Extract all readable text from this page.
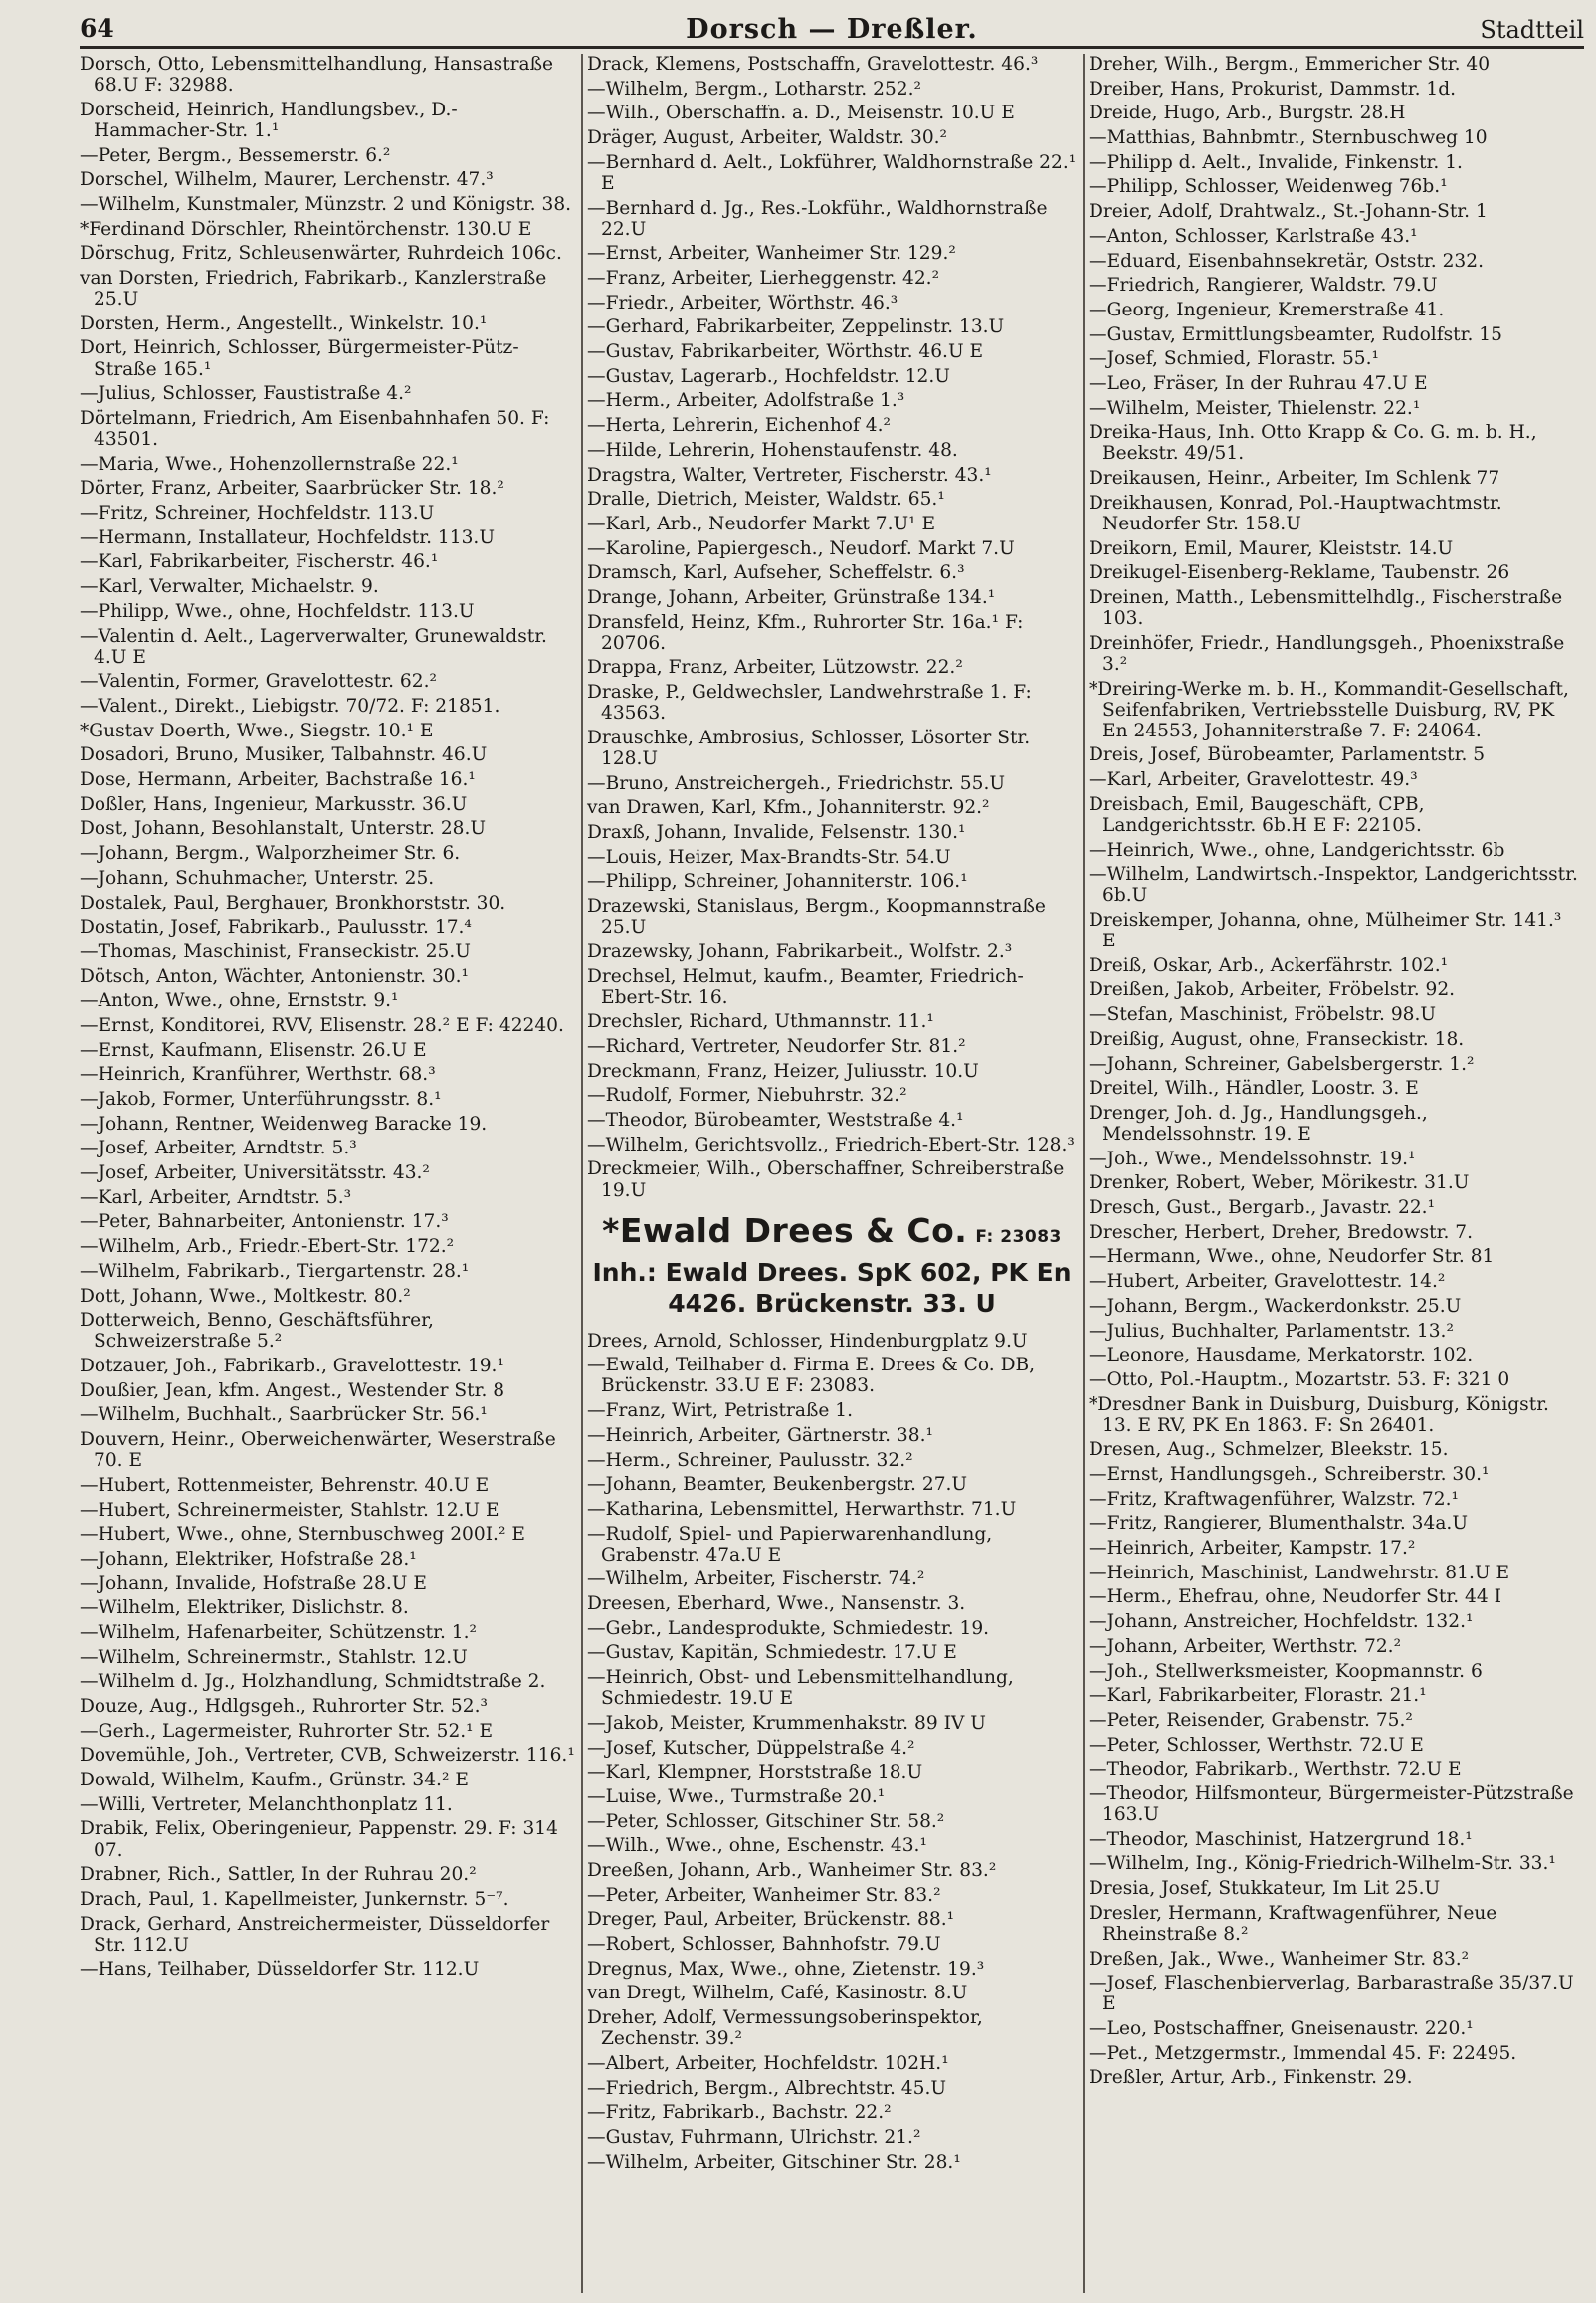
64	Dorsch — Dreßler.	Stadtteil
Dorsch, Otto, Lebensmittelhandlung, Hansastraße 68.U F: 32988.
Dorscheid, Heinrich, Handlungsbev., D.-Hammacher-Str. 1.¹
—Peter, Bergm., Bessemerstr. 6.²
Dorschel, Wilhelm, Maurer, Lerchenstr. 47.³
—Wilhelm, Kunstmaler, Münzstr. 2 und Königstr. 38.
*Ferdinand Dörschler, Rheintörchenstr. 130.U E
Dörschug, Fritz, Schleusenwärter, Ruhrdeich 106c.
van Dorsten, Friedrich, Fabrikarb., Kanzlerstraße 25.U
Dorsten, Herm., Angestellt., Winkelstr. 10.¹
Dort, Heinrich, Schlosser, Bürgermeister-Pütz-Straße 165.¹
—Julius, Schlosser, Faustistraße 4.²
Dörtelmann, Friedrich, Am Eisenbahnhafen 50. F: 43501.
—Maria, Wwe., Hohenzollernstraße 22.¹
Dörter, Franz, Arbeiter, Saarbrücker Str. 18.²
—Fritz, Schreiner, Hochfeldstr. 113.U
—Hermann, Installateur, Hochfeldstr. 113.U
—Karl, Fabrikarbeiter, Fischerstr. 46.¹
—Karl, Verwalter, Michaelstr. 9.
—Philipp, Wwe., ohne, Hochfeldstr. 113.U
—Valentin d. Aelt., Lagerverwalter, Grunewaldstr. 4.U E
—Valentin, Former, Gravelottestr. 62.²
—Valent., Direkt., Liebigstr. 70/72. F: 21851.
*Gustav Doerth, Wwe., Siegstr. 10.¹ E
Dosadori, Bruno, Musiker, Talbahnstr. 46.U
Dose, Hermann, Arbeiter, Bachstraße 16.¹
Doßler, Hans, Ingenieur, Markusstr. 36.U
Dost, Johann, Besohlanstalt, Unterstr. 28.U
—Johann, Bergm., Walporzheimer Str. 6.
—Johann, Schuhmacher, Unterstr. 25.
Dostalek, Paul, Berghauer, Bronkhorststr. 30.
Dostatin, Josef, Fabrikarb., Paulusstr. 17.⁴
—Thomas, Maschinist, Franseckistr. 25.U
Dötsch, Anton, Wächter, Antonienstr. 30.¹
—Anton, Wwe., ohne, Ernststr. 9.¹
—Ernst, Konditorei, RVV, Elisenstr. 28.² E F: 42240.
—Ernst, Kaufmann, Elisenstr. 26.U E
—Heinrich, Kranführer, Werthstr. 68.³
—Jakob, Former, Unterführungsstr. 8.¹
—Johann, Rentner, Weidenweg Baracke 19.
—Josef, Arbeiter, Arndtstr. 5.³
—Josef, Arbeiter, Universitätsstr. 43.²
—Karl, Arbeiter, Arndtstr. 5.³
—Peter, Bahnarbeiter, Antonienstr. 17.³
—Wilhelm, Arb., Friedr.-Ebert-Str. 172.²
—Wilhelm, Fabrikarb., Tiergartenstr. 28.¹
Dott, Johann, Wwe., Moltkestr. 80.²
Dotterweich, Benno, Geschäftsführer, Schweizerstraße 5.²
Dotzauer, Joh., Fabrikarb., Gravelottestr. 19.¹
Doußier, Jean, kfm. Angest., Westender Str. 8
—Wilhelm, Buchhalt., Saarbrücker Str. 56.¹
Douvern, Heinr., Oberweichenwärter, Weserstraße 70. E
—Hubert, Rottenmeister, Behrenstr. 40.U E
—Hubert, Schreinermeister, Stahlstr. 12.U E
—Hubert, Wwe., ohne, Sternbuschweg 200I.² E
—Johann, Elektriker, Hofstraße 28.¹
—Johann, Invalide, Hofstraße 28.U E
—Wilhelm, Elektriker, Dislichstr. 8.
—Wilhelm, Hafenarbeiter, Schützenstr. 1.²
—Wilhelm, Schreinermstr., Stahlstr. 12.U
—Wilhelm d. Jg., Holzhandlung, Schmidtstraße 2.
Douze, Aug., Hdlgsgeh., Ruhrorter Str. 52.³
—Gerh., Lagermeister, Ruhrorter Str. 52.¹ E
Dovemühle, Joh., Vertreter, CVB, Schweizerstr. 116.¹
Dowald, Wilhelm, Kaufm., Grünstr. 34.² E
—Willi, Vertreter, Melanchthonplatz 11.
Drabik, Felix, Oberingenieur, Pappenstr. 29. F: 314 07.
Drabner, Rich., Sattler, In der Ruhrau 20.²
Drach, Paul, 1. Kapellmeister, Junkernstr. 5⁻⁷.
Drack, Gerhard, Anstreichermeister, Düsseldorfer Str. 112.U
—Hans, Teilhaber, Düsseldorfer Str. 112.U
Drack, Klemens, Postschaffn, Gravelottestr. 46.³
—Wilhelm, Bergm., Lotharstr. 252.²
—Wilh., Oberschaffn. a. D., Meisenstr. 10.U E
Dräger, August, Arbeiter, Waldstr. 30.²
—Bernhard d. Aelt., Lokführer, Waldhornstraße 22.¹ E
—Bernhard d. Jg., Res.-Lokführ., Waldhornstraße 22.U
—Ernst, Arbeiter, Wanheimer Str. 129.²
—Franz, Arbeiter, Lierheggenstr. 42.²
—Friedr., Arbeiter, Wörthstr. 46.³
—Gerhard, Fabrikarbeiter, Zeppelinstr. 13.U
—Gustav, Fabrikarbeiter, Wörthstr. 46.U E
—Gustav, Lagerarb., Hochfeldstr. 12.U
—Herm., Arbeiter, Adolfstraße 1.³
—Herta, Lehrerin, Eichenhof 4.²
—Hilde, Lehrerin, Hohenstaufenstr. 48.
Dragstra, Walter, Vertreter, Fischerstr. 43.¹
Dralle, Dietrich, Meister, Waldstr. 65.¹
—Karl, Arb., Neudorfer Markt 7.U¹ E
—Karoline, Papiergesch., Neudorf. Markt 7.U
Dramsch, Karl, Aufseher, Scheffelstr. 6.³
Drange, Johann, Arbeiter, Grünstraße 134.¹
Dransfeld, Heinz, Kfm., Ruhrorter Str. 16a.¹ F: 20706.
Drappa, Franz, Arbeiter, Lützowstr. 22.²
Draske, P., Geldwechsler, Landwehrstraße 1. F: 43563.
Drauschke, Ambrosius, Schlosser, Lösorter Str. 128.U
—Bruno, Anstreichergeh., Friedrichstr. 55.U
van Drawen, Karl, Kfm., Johanniterstr. 92.²
Draxß, Johann, Invalide, Felsenstr. 130.¹
—Louis, Heizer, Max-Brandts-Str. 54.U
—Philipp, Schreiner, Johanniterstr. 106.¹
Drazewski, Stanislaus, Bergm., Koopmannstraße 25.U
Drazewsky, Johann, Fabrikarbeit., Wolfstr. 2.³
Drechsel, Helmut, kaufm., Beamter, Friedrich-Ebert-Str. 16.
Drechsler, Richard, Uthmannstr. 11.¹
—Richard, Vertreter, Neudorfer Str. 81.²
Dreckmann, Franz, Heizer, Juliusstr. 10.U
—Rudolf, Former, Niebuhrstr. 32.²
—Theodor, Bürobeamter, Weststraße 4.¹
—Wilhelm, Gerichtsvollz., Friedrich-Ebert-Str. 128.³
Dreckmeier, Wilh., Oberschaffner, Schreiberstraße 19.U
*Ewald Drees & Co. F: 23083
Inh.: Ewald Drees. SpK 602, PK En
4426. Brückenstr. 33. U
Drees, Arnold, Schlosser, Hindenburgplatz 9.U
—Ewald, Teilhaber d. Firma E. Drees & Co. DB, Brückenstr. 33.U E F: 23083.
—Franz, Wirt, Petristraße 1.
—Heinrich, Arbeiter, Gärtnerstr. 38.¹
—Herm., Schreiner, Paulusstr. 32.²
—Johann, Beamter, Beukenbergstr. 27.U
—Katharina, Lebensmittel, Herwarthstr. 71.U
—Rudolf, Spiel- und Papierwarenhandlung, Grabenstr. 47a.U E
—Wilhelm, Arbeiter, Fischerstr. 74.²
Dreesen, Eberhard, Wwe., Nansenstr. 3.
—Gebr., Landesprodukte, Schmiedestr. 19.
—Gustav, Kapitän, Schmiedestr. 17.U E
—Heinrich, Obst- und Lebensmittelhandlung, Schmiedestr. 19.U E
—Jakob, Meister, Krummenhakstr. 89 IV U
—Josef, Kutscher, Düppelstraße 4.²
—Karl, Klempner, Horststraße 18.U
—Luise, Wwe., Turmstraße 20.¹
—Peter, Schlosser, Gitschiner Str. 58.²
—Wilh., Wwe., ohne, Eschenstr. 43.¹
Dreeßen, Johann, Arb., Wanheimer Str. 83.²
—Peter, Arbeiter, Wanheimer Str. 83.²
Dreger, Paul, Arbeiter, Brückenstr. 88.¹
—Robert, Schlosser, Bahnhofstr. 79.U
Dregnus, Max, Wwe., ohne, Zietenstr. 19.³
van Dregt, Wilhelm, Café, Kasinostr. 8.U
Dreher, Adolf, Vermessungsoberinspektor, Zechenstr. 39.²
—Albert, Arbeiter, Hochfeldstr. 102H.¹
—Friedrich, Bergm., Albrechtstr. 45.U
—Fritz, Fabrikarb., Bachstr. 22.²
—Gustav, Fuhrmann, Ulrichstr. 21.²
—Wilhelm, Arbeiter, Gitschiner Str. 28.¹
Dreher, Wilh., Bergm., Emmericher Str. 40
Dreiber, Hans, Prokurist, Dammstr. 1d.
Dreide, Hugo, Arb., Burgstr. 28.H
—Matthias, Bahnbmtr., Sternbuschweg 10
—Philipp d. Aelt., Invalide, Finkenstr. 1.
—Philipp, Schlosser, Weidenweg 76b.¹
Dreier, Adolf, Drahtwalz., St.-Johann-Str. 1
—Anton, Schlosser, Karlstraße 43.¹
—Eduard, Eisenbahnsekretär, Oststr. 232.
—Friedrich, Rangierer, Waldstr. 79.U
—Georg, Ingenieur, Kremerstraße 41.
—Gustav, Ermittlungsbeamter, Rudolfstr. 15
—Josef, Schmied, Florastr. 55.¹
—Leo, Fräser, In der Ruhrau 47.U E
—Wilhelm, Meister, Thielenstr. 22.¹
Dreika-Haus, Inh. Otto Krapp & Co. G. m. b. H., Beekstr. 49/51.
Dreikausen, Heinr., Arbeiter, Im Schlenk 77
Dreikhausen, Konrad, Pol.-Hauptwachtmstr. Neudorfer Str. 158.U
Dreikorn, Emil, Maurer, Kleiststr. 14.U
Dreikugel-Eisenberg-Reklame, Taubenstr. 26
Dreinen, Matth., Lebensmittelhdlg., Fischerstraße 103.
Dreinhöfer, Friedr., Handlungsgeh., Phoenixstraße 3.²
*Dreiring-Werke m. b. H., Kommandit-Gesellschaft, Seifenfabriken, Vertriebsstelle Duisburg, RV, PK En 24553, Johanniterstraße 7. F: 24064.
Dreis, Josef, Bürobeamter, Parlamentstr. 5
—Karl, Arbeiter, Gravelottestr. 49.³
Dreisbach, Emil, Baugeschäft, CPB, Landgerichtsstr. 6b.H E F: 22105.
—Heinrich, Wwe., ohne, Landgerichtsstr. 6b
—Wilhelm, Landwirtsch.-Inspektor, Landgerichtsstr. 6b.U
Dreiskemper, Johanna, ohne, Mülheimer Str. 141.³ E
Dreiß, Oskar, Arb., Ackerfährstr. 102.¹
Dreißen, Jakob, Arbeiter, Fröbelstr. 92.
—Stefan, Maschinist, Fröbelstr. 98.U
Dreißig, August, ohne, Franseckistr. 18.
—Johann, Schreiner, Gabelsbergerstr. 1.²
Dreitel, Wilh., Händler, Loostr. 3. E
Drenger, Joh. d. Jg., Handlungsgeh., Mendelssohnstr. 19. E
—Joh., Wwe., Mendelssohnstr. 19.¹
Drenker, Robert, Weber, Mörikestr. 31.U
Dresch, Gust., Bergarb., Javastr. 22.¹
Drescher, Herbert, Dreher, Bredowstr. 7.
—Hermann, Wwe., ohne, Neudorfer Str. 81
—Hubert, Arbeiter, Gravelottestr. 14.²
—Johann, Bergm., Wackerdonkstr. 25.U
—Julius, Buchhalter, Parlamentstr. 13.²
—Leonore, Hausdame, Merkatorstr. 102.
—Otto, Pol.-Hauptm., Mozartstr. 53. F: 321 0
*Dresdner Bank in Duisburg, Duisburg, Königstr. 13. E RV, PK En 1863. F: Sn 26401.
Dresen, Aug., Schmelzer, Bleekstr. 15.
—Ernst, Handlungsgeh., Schreiberstr. 30.¹
—Fritz, Kraftwagenführer, Walzstr. 72.¹
—Fritz, Rangierer, Blumenthalstr. 34a.U
—Heinrich, Arbeiter, Kampstr. 17.²
—Heinrich, Maschinist, Landwehrstr. 81.U E
—Herm., Ehefrau, ohne, Neudorfer Str. 44 I
—Johann, Anstreicher, Hochfeldstr. 132.¹
—Johann, Arbeiter, Werthstr. 72.²
—Joh., Stellwerksmeister, Koopmannstr. 6
—Karl, Fabrikarbeiter, Florastr. 21.¹
—Peter, Reisender, Grabenstr. 75.²
—Peter, Schlosser, Werthstr. 72.U E
—Theodor, Fabrikarb., Werthstr. 72.U E
—Theodor, Hilfsmonteur, Bürgermeister-Pützstraße 163.U
—Theodor, Maschinist, Hatzergrund 18.¹
—Wilhelm, Ing., König-Friedrich-Wilhelm-Str. 33.¹
Dresia, Josef, Stukkateur, Im Lit 25.U
Dresler, Hermann, Kraftwagenführer, Neue Rheinstraße 8.²
Dreßen, Jak., Wwe., Wanheimer Str. 83.²
—Josef, Flaschenbierverlag, Barbarastraße 35/37.U E
—Leo, Postschaffner, Gneisenaustr. 220.¹
—Pet., Metzgermstr., Immendal 45. F: 22495.
Dreßler, Artur, Arb., Finkenstr. 29.
